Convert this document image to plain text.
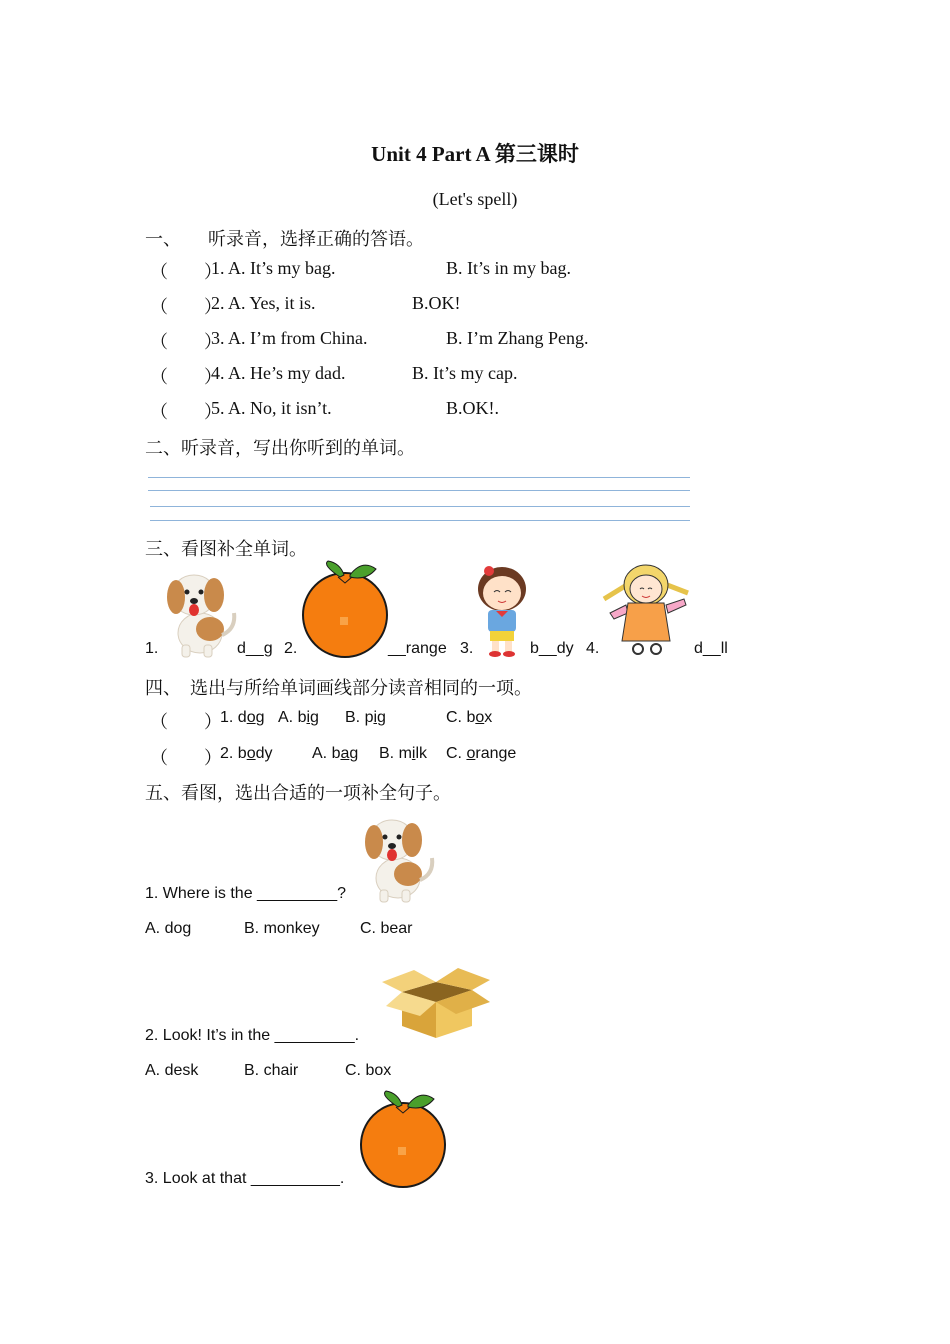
Unit 4 Part A 第三课时
(Let's spell)
一、　　听录音，选择正确的答语。
（　　）
1. A. It’s my bag.	B. It’s in my bag.
（　　）
2. A. Yes, it is.	B.OK!
（　　）
3. A. I’m from China.	B. I’m Zhang Peng.
（　　）
4. A. He’s my dad.	B. It’s my cap.
（　　）
5. A. No, it isn’t.	B.OK!.
二、听录音，写出你听到的单词。
三、看图补全单词。
1.	d__g 2.	__range 3.	b__dy 4.	d__ll
四、　选出与所给单词画线部分读音相同的一项。
（　　）
1. dog A. big B. pig	C. box
（　　）
2. body A. bag B. milk C. orange
五、看图，选出合适的一项补全句子。
1. Where is the _________?
A. dog	B. monkey	C. bear
2. Look! It’s in the _________.
A. desk	B. chair	C. box
3. Look at that __________.
